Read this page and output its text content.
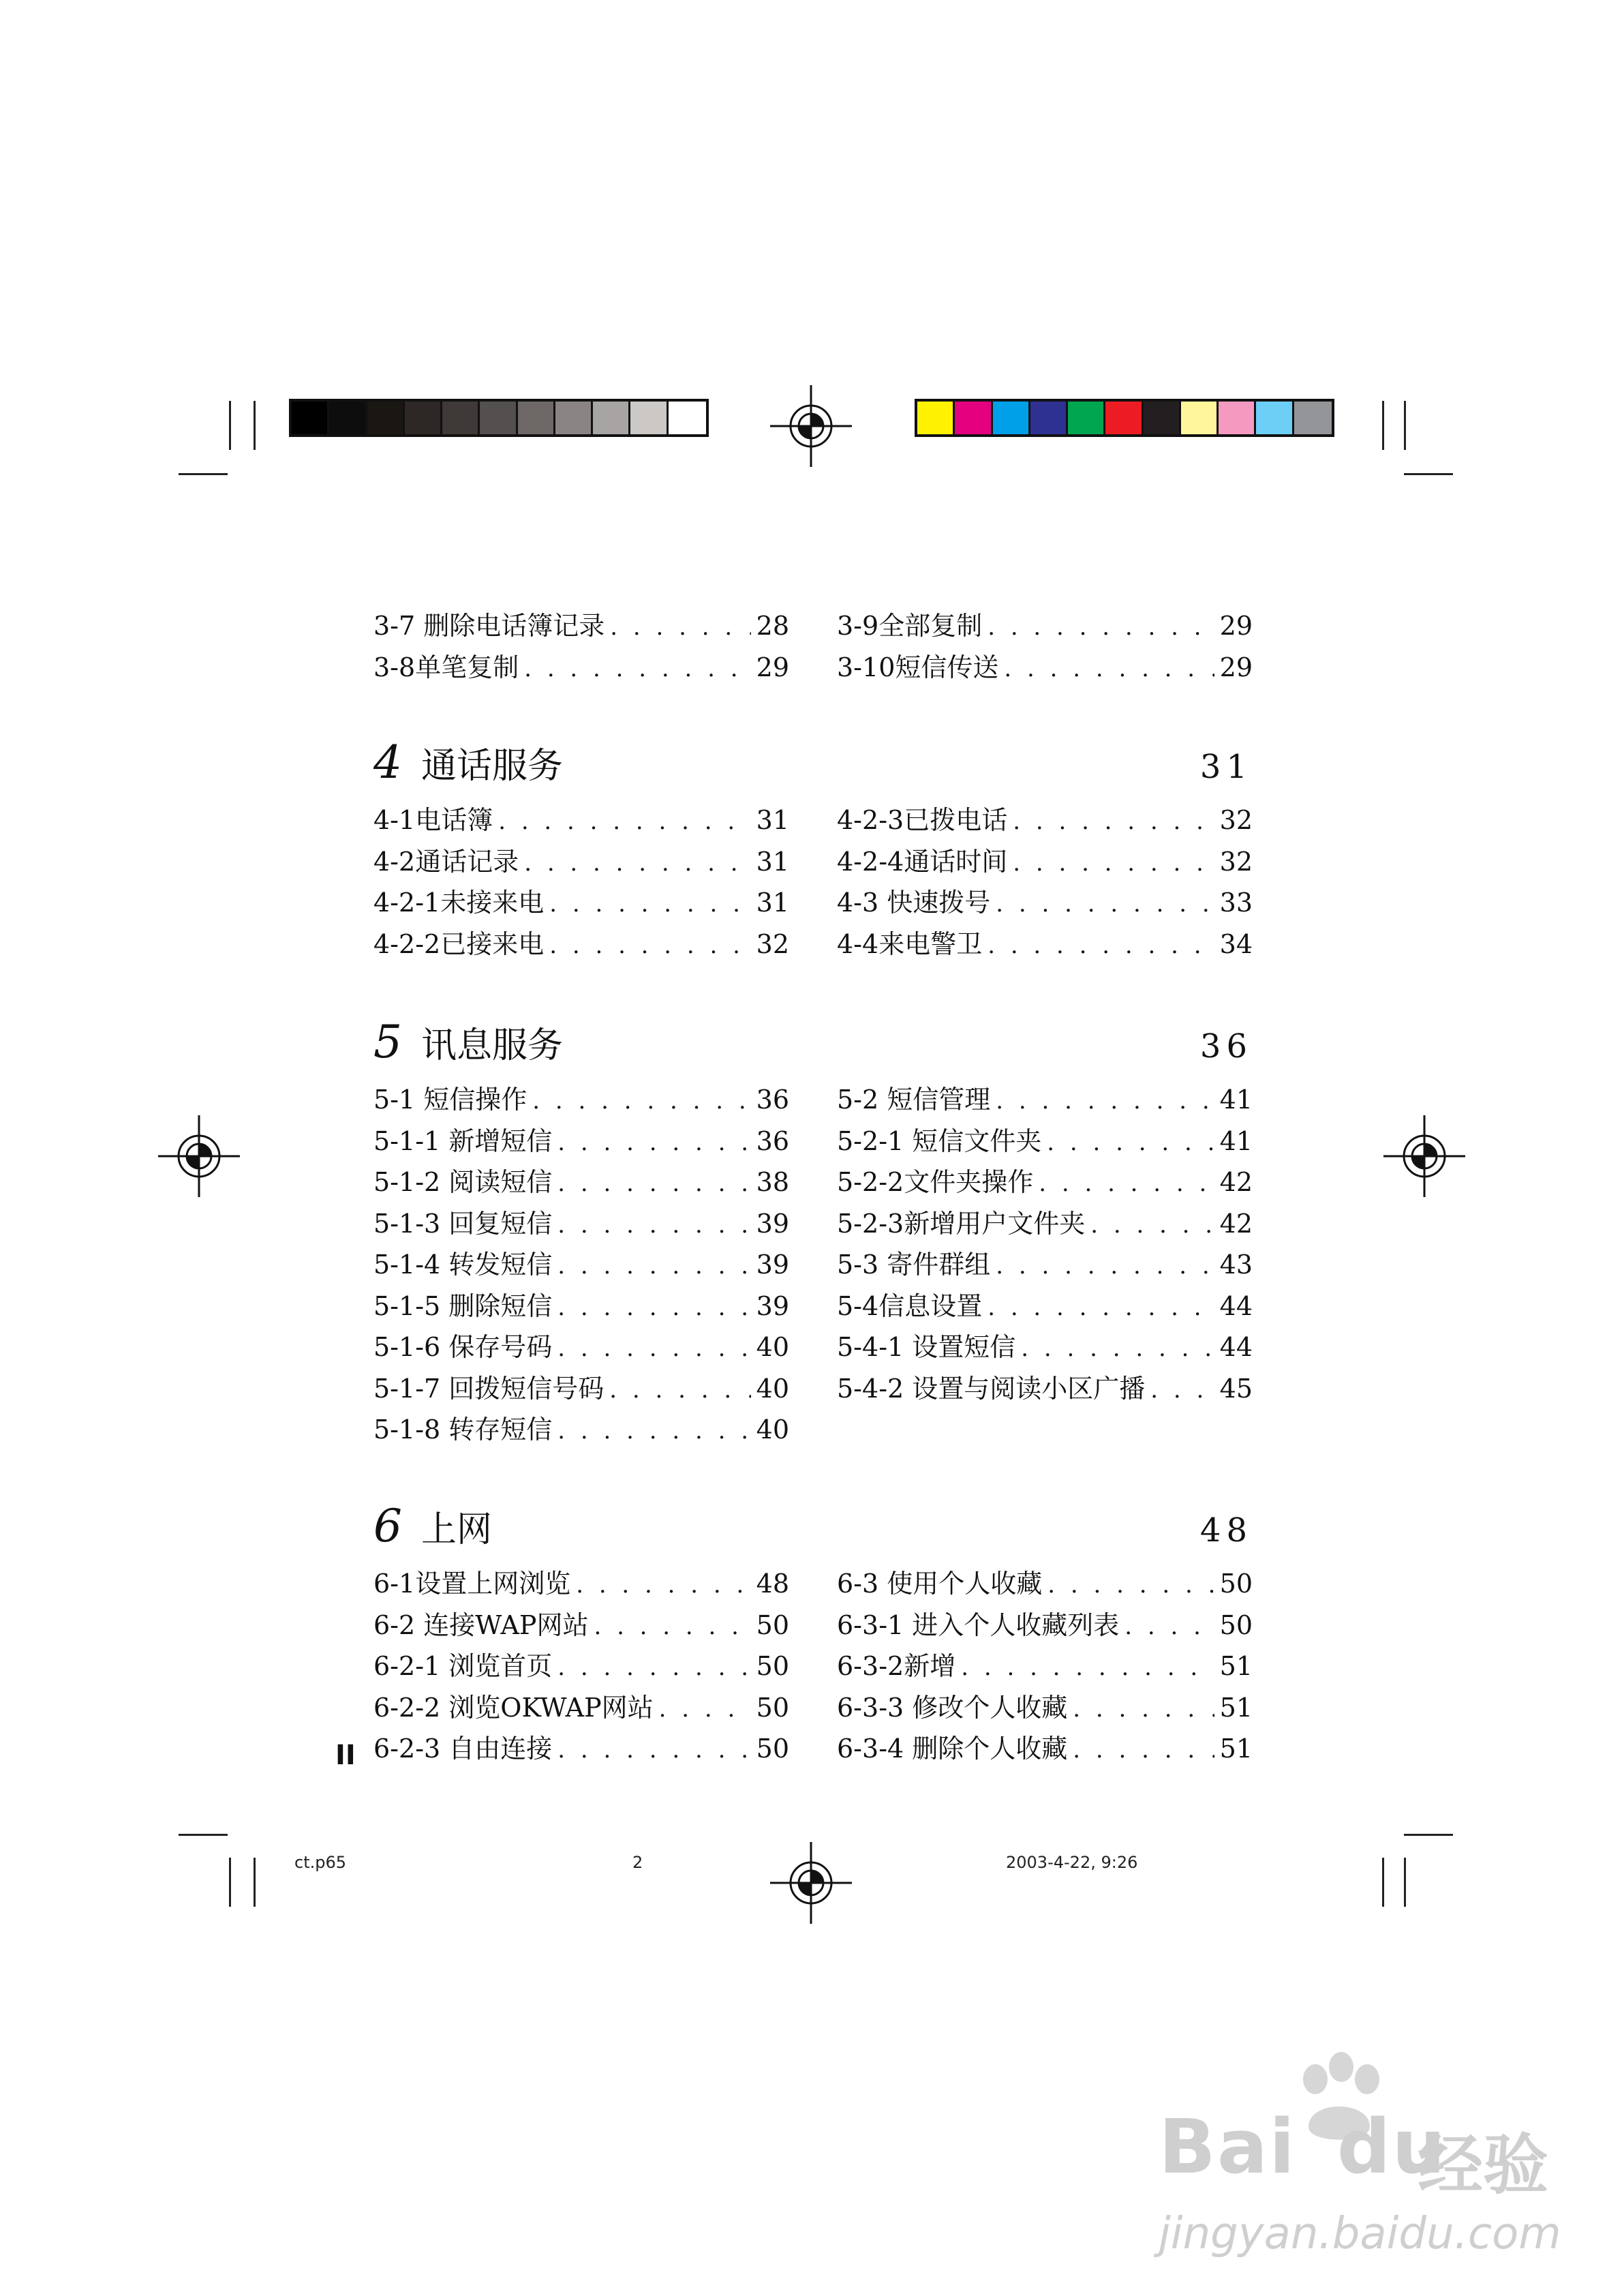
3-7 删除电话簿记录 . . .	28
3-8单笔复制 . . .	29
3-9全部复制 . . .	29
3-10短信传送 . . .	29
4 通话服务	31
4-1电话簿 . . .	31
4-2通话记录 . . .	31
4-2-1未接来电 . . .	31
4-2-2已接来电 . . .	32
4-2-3已拨电话 . . .	32
4-2-4通话时间 . . .	32
4-3 快速拨号 . . .	33
4-4来电警卫 . . .	34
5 讯息服务	36
5-1 短信操作 . . .	36
5-1-1 新增短信 . . .	36
5-1-2 阅读短信 . . .	38
5-1-3 回复短信 . . .	39
5-1-4 转发短信 . . .	39
5-1-5 删除短信 . . .	39
5-1-6 保存号码 . . .	40
5-1-7 回拨短信号码 . . .	40
5-1-8 转存短信 . . .	40
5-2 短信管理 . . .	41
5-2-1 短信文件夹 . . .	41
5-2-2文件夹操作 . . .	42
5-2-3新增用户文件夹 . . .	42
5-3 寄件群组 . . .	43
5-4信息设置 . . .	44
5-4-1 设置短信 . . .	44
5-4-2 设置与阅读小区广播 . . .	45
6 上网	48
6-1设置上网浏览 . . .	48
6-2 连接WAP网站 . . .	50
6-2-1 浏览首页 . . .	50
6-2-2 浏览OKWAP网站 . . .	50
6-2-3 自由连接 . . .	50
6-3 使用个人收藏 . . .	50
6-3-1 进入个人收藏列表 . . .	50
6-3-2新增 . . .	51
6-3-3 修改个人收藏 . . .	51
6-3-4 删除个人收藏 . . .	51
II
ct.p65	2	2003-4-22, 9:26
Bai du
经验
jingyan.baidu.com
